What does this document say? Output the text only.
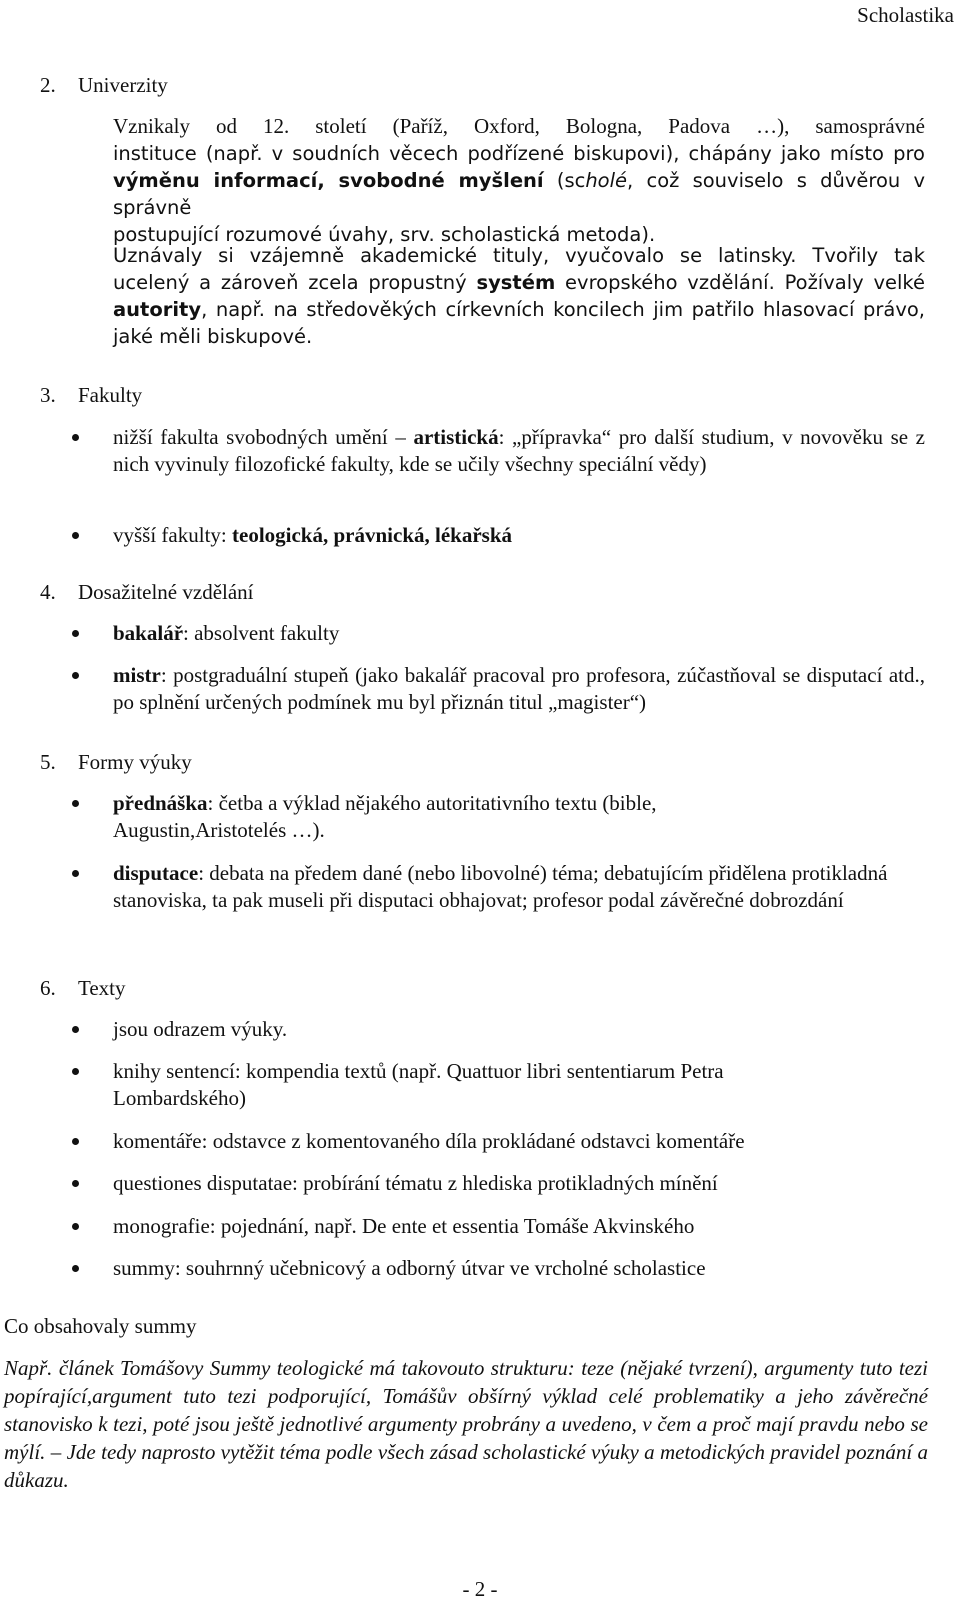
Scholastika
2. Univerzity
Vznikaly od 12. století (Paříž, Oxford, Bologna, Padova …), samosprávné
instituce (např. v soudních věcech podřízené biskupovi), chápány jako místo pro
výměnu informací, svobodné myšlení (scholé, což souviselo s důvěrou v správně
postupující rozumové úvahy, srv. scholastická metoda).
Uznávaly si vzájemně akademické tituly, vyučovalo se latinsky. Tvořily tak
ucelený a zároveň zcela propustný systém evropského vzdělání. Požívaly velké
autority, např. na středověkých církevních koncilech jim patřilo hlasovací právo,
jaké měli biskupové.
3. Fakulty
nižší fakulta svobodných umění – artistická: „přípravka“ pro další studium, v novověku se z nich vyvinuly filozofické fakulty, kde se učily všechny speciální vědy)
vyšší fakulty: teologická, právnická, lékařská
4. Dosažitelné vzdělání
bakalář: absolvent fakulty
mistr: postgraduální stupeň (jako bakalář pracoval pro profesora, zúčastňoval se disputací atd., po splnění určených podmínek mu byl přiznán titul „magister“)
5. Formy výuky
přednáška: četba a výklad nějakého autoritativního textu (bible, Augustin,Aristotelés …).
disputace: debata na předem dané (nebo libovolné) téma; debatujícím přidělena protikladná stanoviska, ta pak museli při disputaci obhajovat; profesor podal závěrečné dobrozdání
6. Texty
jsou odrazem výuky.
knihy sentencí: kompendia textů (např. Quattuor libri sententiarum Petra Lombardského)
komentáře: odstavce z komentovaného díla prokládané odstavci komentáře
questiones disputatae: probírání tématu z hlediska protikladných mínění
monografie: pojednání, např. De ente et essentia Tomáše Akvinského
summy: souhrnný učebnicový a odborný útvar ve vrcholné scholastice
Co obsahovaly summy
Např. článek Tomášovy Summy teologické má takovouto strukturu: teze (nějaké tvrzení), argumenty tuto tezi popírající,argument tuto tezi podporující, Tomášův obšírný výklad celé problematiky a jeho závěrečné stanovisko k tezi, poté jsou ještě jednotlivé argumenty probrány a uvedeno, v čem a proč mají pravdu nebo se mýlí. – Jde tedy naprosto vytěžit téma podle všech zásad scholastické výuky a metodických pravidel poznání a důkazu.
- 2 -
